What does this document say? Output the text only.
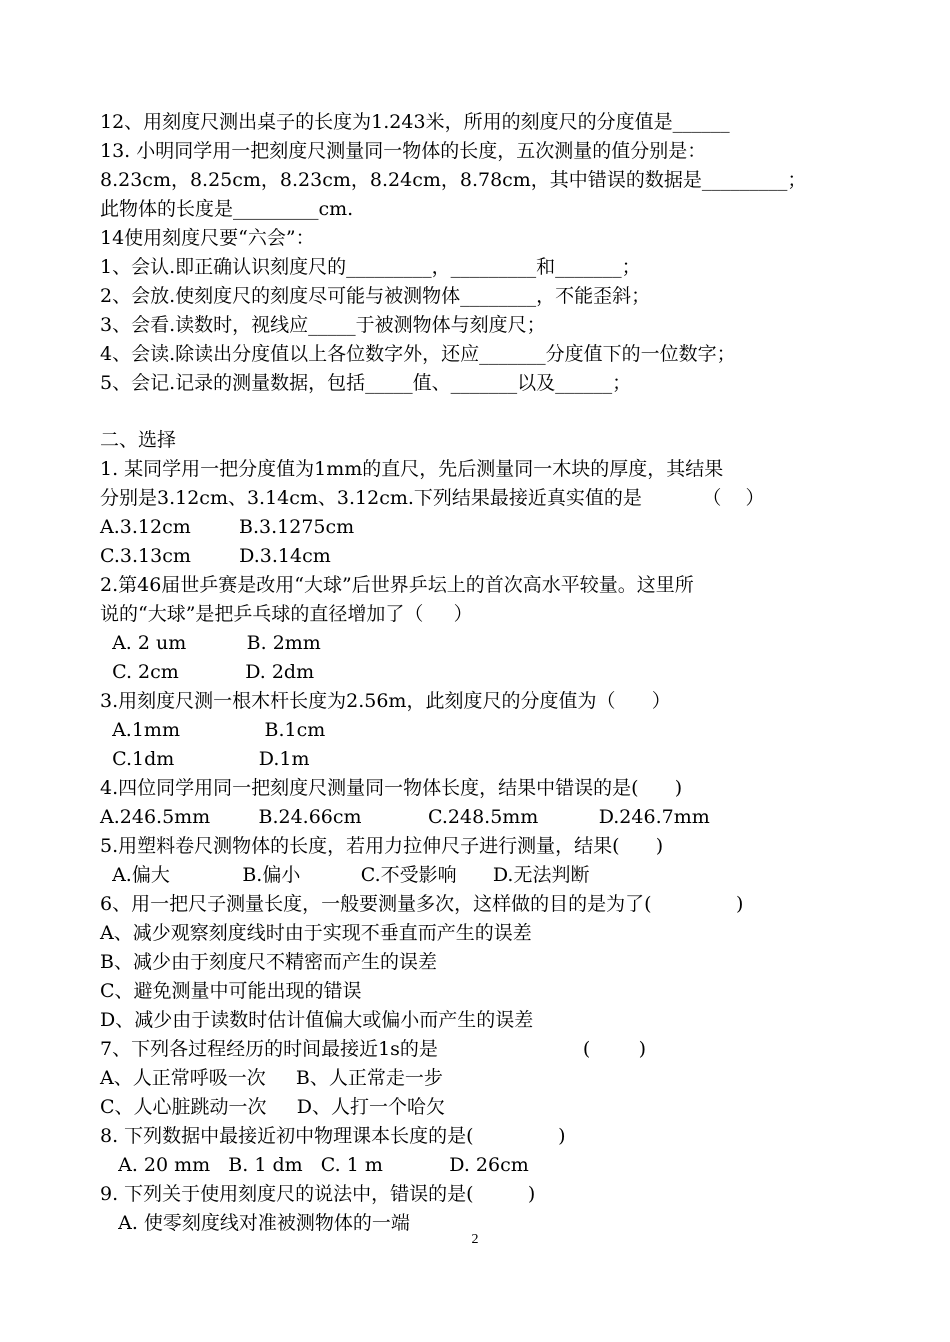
12、用刻度尺测出桌子的长度为1.243米，所用的刻度尺的分度值是______
13. 小明同学用一把刻度尺测量同一物体的长度，五次测量的值分别是：
8.23cm，8.25cm，8.23cm，8.24cm，8.78cm，其中错误的数据是_________；
此物体的长度是_________cm.
14使用刻度尺要“六会”：
1、会认.即正确认识刻度尺的_________，_________和_______；
2、会放.使刻度尺的刻度尽可能与被测物体________，不能歪斜；
3、会看.读数时，视线应_____于被测物体与刻度尺；
4、会读.除读出分度值以上各位数字外，还应_______分度值下的一位数字；
5、会记.记录的测量数据，包括_____值、_______以及______；
二、选择
1. 某同学用一把分度值为1mm的直尺，先后测量同一木块的厚度，其结果
分别是3.12cm、3.14cm、3.12cm.下列结果最接近真实值的是          （    ）
A.3.12cm        B.3.1275cm
C.3.13cm        D.3.14cm
2.第46届世乒赛是改用“大球”后世界乒坛上的首次高水平较量。这里所
说的“大球”是把乒乓球的直径增加了（     ）
A. 2 um          B. 2mm
C. 2cm           D. 2dm
3.用刻度尺测一根木杆长度为2.56m，此刻度尺的分度值为（      ）
A.1mm              B.1cm
C.1dm              D.1m
4.四位同学用同一把刻度尺测量同一物体长度，结果中错误的是(      )
A.246.5mm        B.24.66cm           C.248.5mm          D.246.7mm
5.用塑料卷尺测物体的长度，若用力拉伸尺子进行测量，结果(      )
A.偏大            B.偏小          C.不受影响      D.无法判断
6、用一把尺子测量长度，一般要测量多次，这样做的目的是为了(              )
A、减少观察刻度线时由于实现不垂直而产生的误差
B、减少由于刻度尺不精密而产生的误差
C、避免测量中可能出现的错误
D、减少由于读数时估计值偏大或偏小而产生的误差
7、下列各过程经历的时间最接近1s的是                        (        )
A、人正常呼吸一次     B、人正常走一步
C、人心脏跳动一次     D、人打一个哈欠
8. 下列数据中最接近初中物理课本长度的是(              )
A. 20 mm   B. 1 dm   C. 1 m           D. 26cm
9. 下列关于使用刻度尺的说法中，错误的是(         )
A. 使零刻度线对准被测物体的一端
2
